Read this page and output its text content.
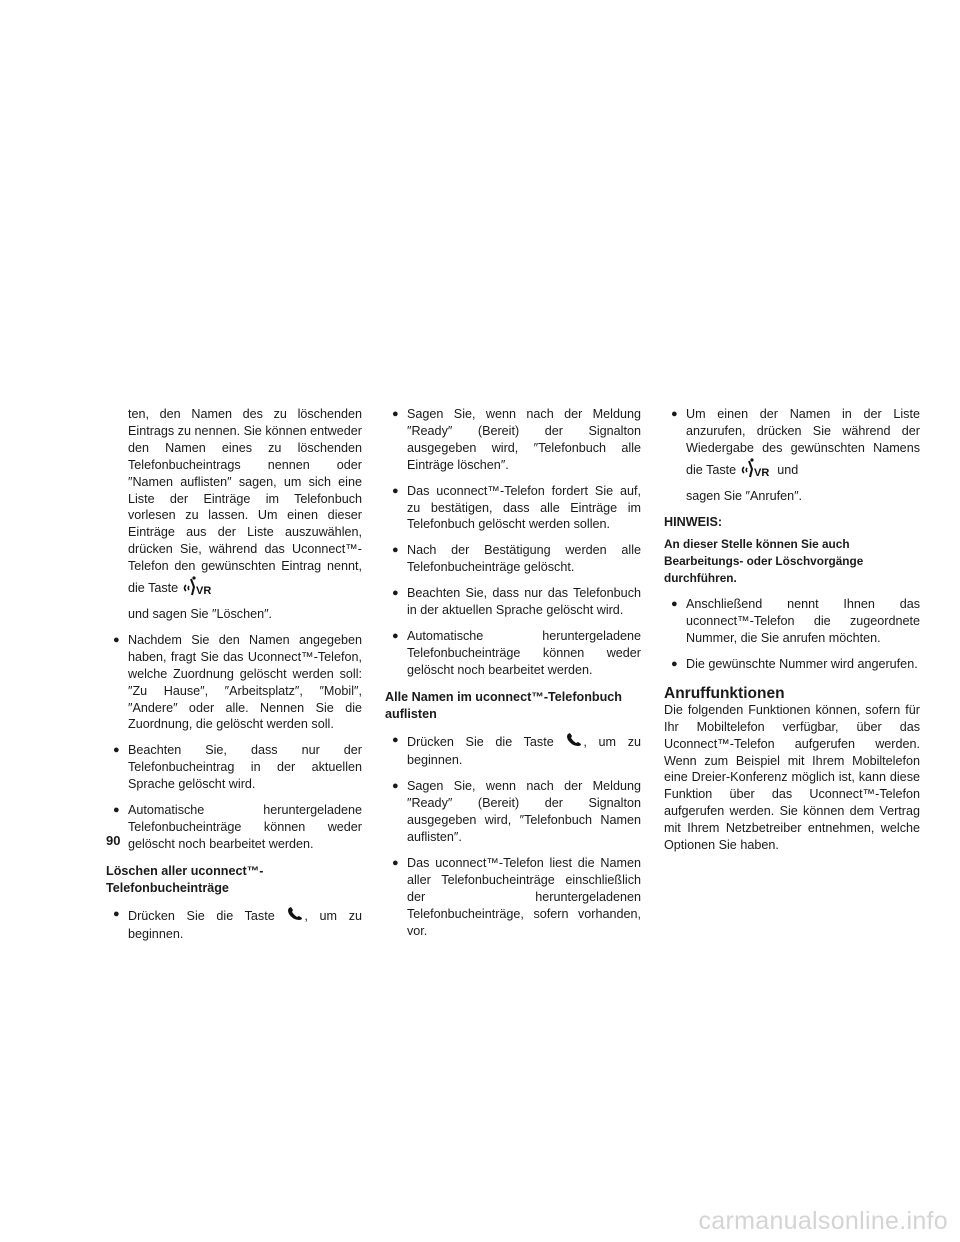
ten, den Namen des zu löschenden Eintrags zu nennen. Sie können entweder den Namen eines zu löschenden Telefonbucheintrags nennen oder ″Namen auflisten″ sagen, um sich eine Liste der Einträge im Telefonbuch vorlesen zu lassen. Um einen dieser Einträge aus der Liste auszuwählen, drücken Sie, während das Uconnect™-Telefon den gewünschten Eintrag nennt, die Taste VR

und sagen Sie ″Löschen″.

● Nachdem Sie den Namen angegeben haben, fragt Sie das Uconnect™-Telefon, welche Zuordnung gelöscht werden soll: ″Zu Hause″, ″Arbeitsplatz″, ″Mobil″, ″Andere″ oder alle. Nennen Sie die Zuordnung, die gelöscht werden soll.
● Beachten Sie, dass nur der Telefonbucheintrag in der aktuellen Sprache gelöscht wird.
● Automatische heruntergeladene Telefonbucheinträge können weder gelöscht noch bearbeitet werden.
Löschen aller uconnect™-Telefonbucheinträge
● Drücken Sie die Taste , um zu beginnen.
● Sagen Sie, wenn nach der Meldung ″Ready″ (Bereit) der Signalton ausgegeben wird, ″Telefonbuch alle Einträge löschen″.
● Das uconnect™-Telefon fordert Sie auf, zu bestätigen, dass alle Einträge im Telefonbuch gelöscht werden sollen.
● Nach der Bestätigung werden alle Telefonbucheinträge gelöscht.
● Beachten Sie, dass nur das Telefonbuch in der aktuellen Sprache gelöscht wird.
● Automatische heruntergeladene Telefonbucheinträge können weder gelöscht noch bearbeitet werden.
Alle Namen im uconnect™-Telefonbuch auflisten
● Drücken Sie die Taste , um zu beginnen.
● Sagen Sie, wenn nach der Meldung ″Ready″ (Bereit) der Signalton ausgegeben wird, ″Telefonbuch Namen auflisten″.
● Das uconnect™-Telefon liest die Namen aller Telefonbucheinträge einschließlich der heruntergeladenen Telefonbucheinträge, sofern vorhanden, vor.
● Um einen der Namen in der Liste anzurufen, drücken Sie während der Wiedergabe des gewünschten Namens die Taste VR und
sagen Sie ″Anrufen″.
HINWEIS:
An dieser Stelle können Sie auch Bearbeitungs- oder Löschvorgänge durchführen.
● Anschließend nennt Ihnen das uconnect™-Telefon die zugeordnete Nummer, die Sie anrufen möchten.
● Die gewünschte Nummer wird angerufen.
Anruffunktionen

Die folgenden Funktionen können, sofern für Ihr Mobiltelefon verfügbar, über das Uconnect™-Telefon aufgerufen werden. Wenn zum Beispiel mit Ihrem Mobiltelefon eine Dreier-Konferenz möglich ist, kann diese Funktion über das Uconnect™-Telefon aufgerufen werden. Sie können dem Vertrag mit Ihrem Netzbetreiber entnehmen, welche Optionen Sie haben.

90
carmanualsonline.info
